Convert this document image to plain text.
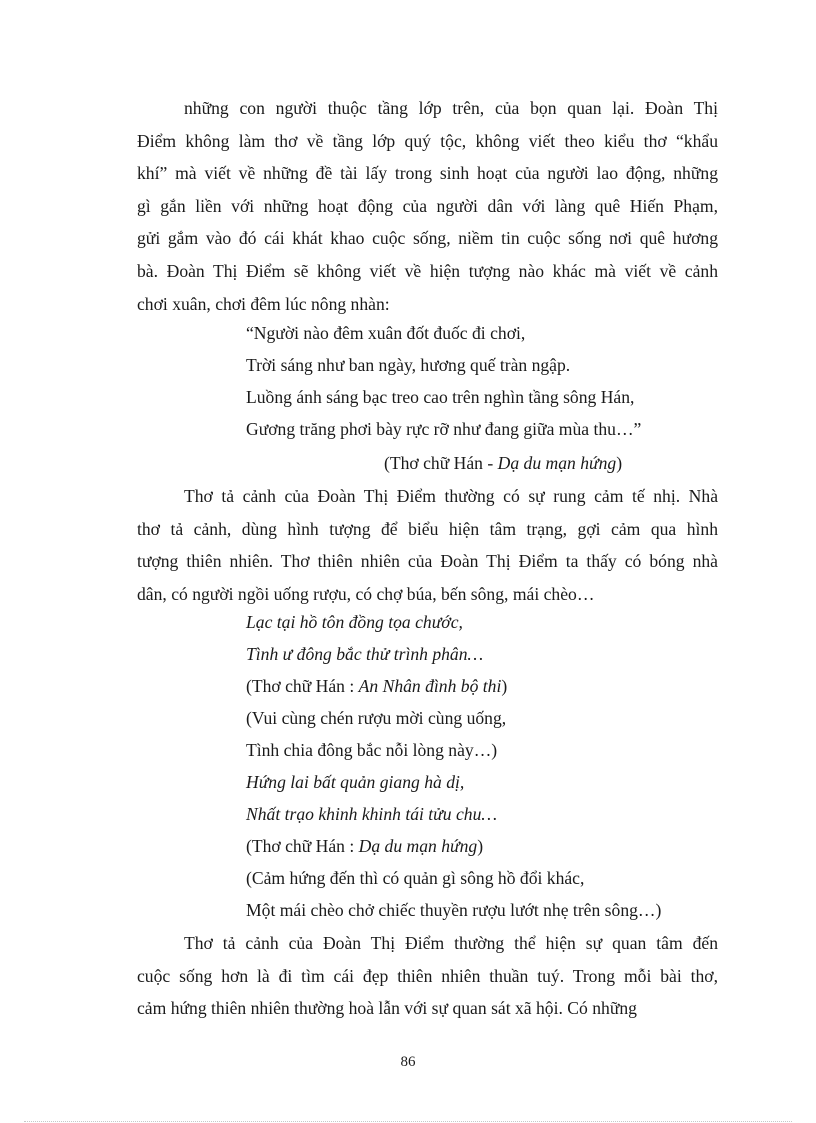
những con người thuộc tầng lớp trên, của bọn quan lại. Đoàn Thị
Điểm không làm thơ về tầng lớp quý tộc, không viết theo kiểu thơ “khẩu
khí” mà viết về những đề tài lấy trong sinh hoạt của người lao động, những
gì gắn liền với những hoạt động của người dân với làng quê Hiến Phạm,
gửi gắm vào đó cái khát khao cuộc sống, niềm tin cuộc sống nơi quê hương
bà. Đoàn Thị Điểm sẽ không viết về hiện tượng nào khác mà viết về cảnh
chơi xuân, chơi đêm lúc nông nhàn:

“Người nào đêm xuân đốt đuốc đi chơi,
Trời sáng như ban ngày, hương quế tràn ngập.
Luồng ánh sáng bạc treo cao trên nghìn tầng sông Hán,
Gương trăng phơi bày rực rỡ như đang giữa mùa thu…”

(Thơ chữ Hán - Dạ du mạn hứng)

Thơ tả cảnh của Đoàn Thị Điểm thường có sự rung cảm tế nhị. Nhà
thơ tả cảnh, dùng hình tượng để biểu hiện tâm trạng, gợi cảm qua hình
tượng thiên nhiên. Thơ thiên nhiên của Đoàn Thị Điểm ta thấy có bóng nhà
dân, có người ngồi uống rượu, có chợ búa, bến sông, mái chèo…

Lạc tại hồ tôn đồng tọa chước,
Tình ư đông bắc thử trình phân…
(Thơ chữ Hán : An Nhân đình bộ thi)
(Vui cùng chén rượu mời cùng uống,
Tình chia đông bắc nỗi lòng này…)
Hứng lai bất quản giang hà dị,
Nhất trạo khinh khinh tái tửu chu…
(Thơ chữ Hán : Dạ du mạn hứng)
(Cảm hứng đến thì có quản gì sông hồ đổi khác,
Một mái chèo chở chiếc thuyền rượu lướt nhẹ trên sông…)

Thơ tả cảnh của Đoàn Thị Điểm thường thể hiện sự quan tâm đến
cuộc sống hơn là đi tìm cái đẹp thiên nhiên thuần tuý. Trong mỗi bài thơ,
cảm hứng thiên nhiên thường hoà lẫn với sự quan sát xã hội. Có những

86
